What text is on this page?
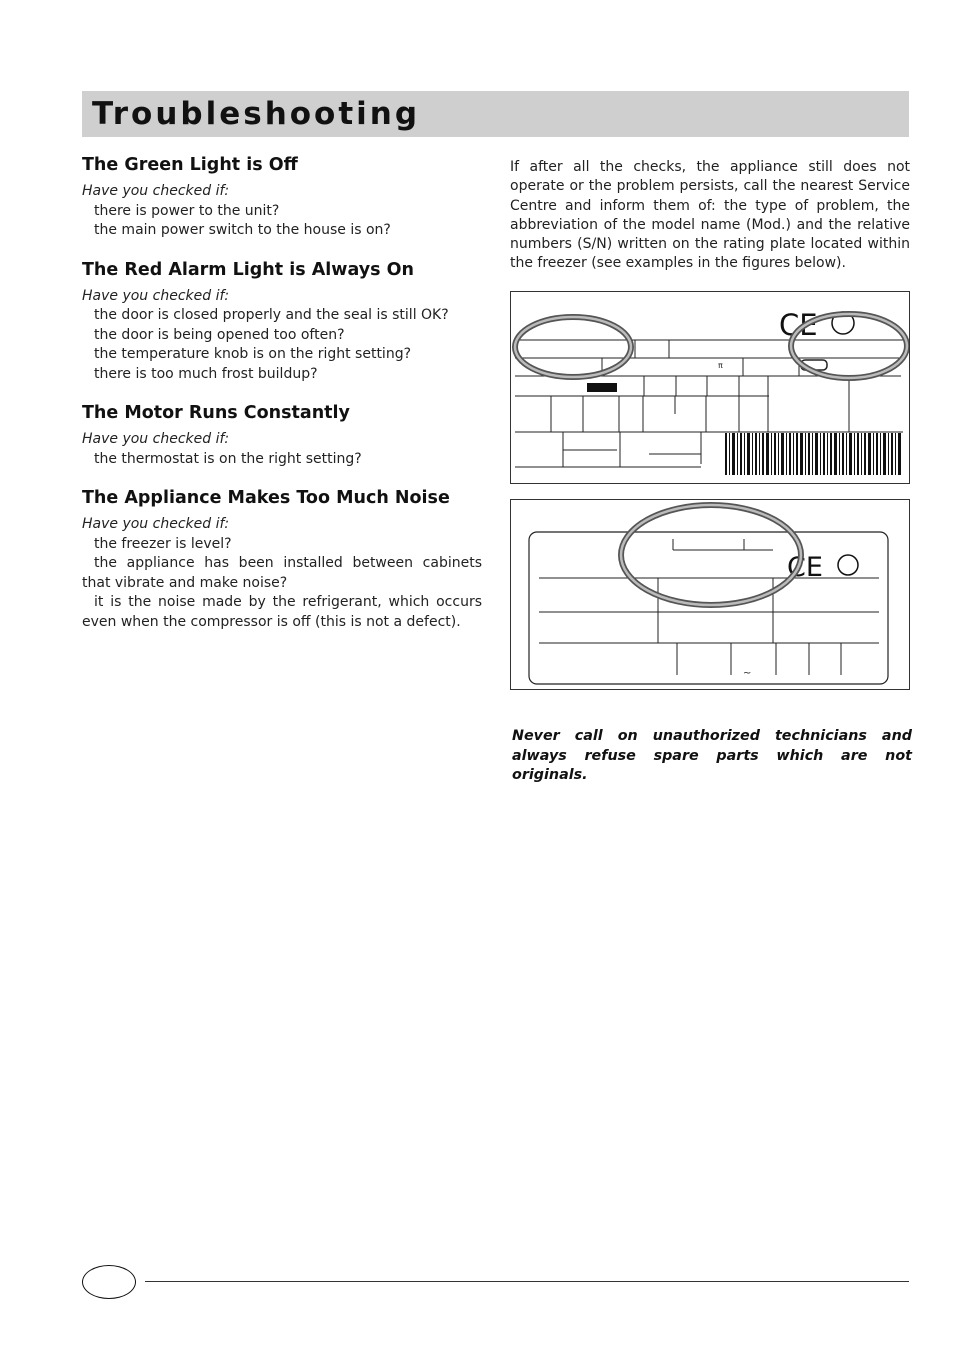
Troubleshooting
The Green Light is Off
Have you checked if:
there is power to the unit?
the main power switch to the house is on?
The Red Alarm Light is Always On
Have you checked if:
the door is closed properly and the seal is still OK?
the door is being opened too often?
the temperature knob is on the right setting?
there is too much frost buildup?
The Motor Runs Constantly
Have you checked if:
the thermostat is on the right setting?
The Appliance Makes Too Much Noise
Have you checked if:
the freezer is level?
the appliance has been installed between cabinets that vibrate and make noise?
it is the noise made by the refrigerant, which occurs even when the compressor is off (this is not a defect).
If after all the checks, the appliance still does not operate or the problem persists, call the nearest Service Centre and inform them of: the type of problem, the abbreviation of the model name (Mod.) and the relative numbers (S/N) written on the rating plate located within the freezer (see examples in the figures below).
π
CE
CE
~
Never call on unauthorized technicians and always refuse spare parts which are not originals.
